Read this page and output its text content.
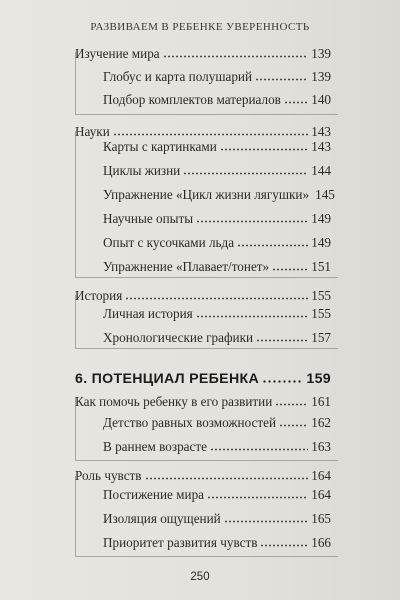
РАЗВИВАЕМ В РЕБЕНКЕ УВЕРЕННОСТЬ
Изучение мира	139
Глобус и карта полушарий	139
Подбор комплектов материалов 140
Науки	143
Карты с картинками	143
Циклы жизни	144
Упражнение «Цикл жизни лягушки» 145
Научные опыты	149
Опыт с кусочками льда	149
Упражнение «Плавает/тонет»	151
История	155
Личная история	155
Хронологические графики	157
6. ПОТЕНЦИАЛ РЕБЕНКА	159
Как помочь ребенку в его развитии	161
Детство равных возможностей	162
В раннем возрасте	163
Роль чувств	164
Постижение мира	164
Изоляция ощущений	165
Приоритет развития чувств	166
250
